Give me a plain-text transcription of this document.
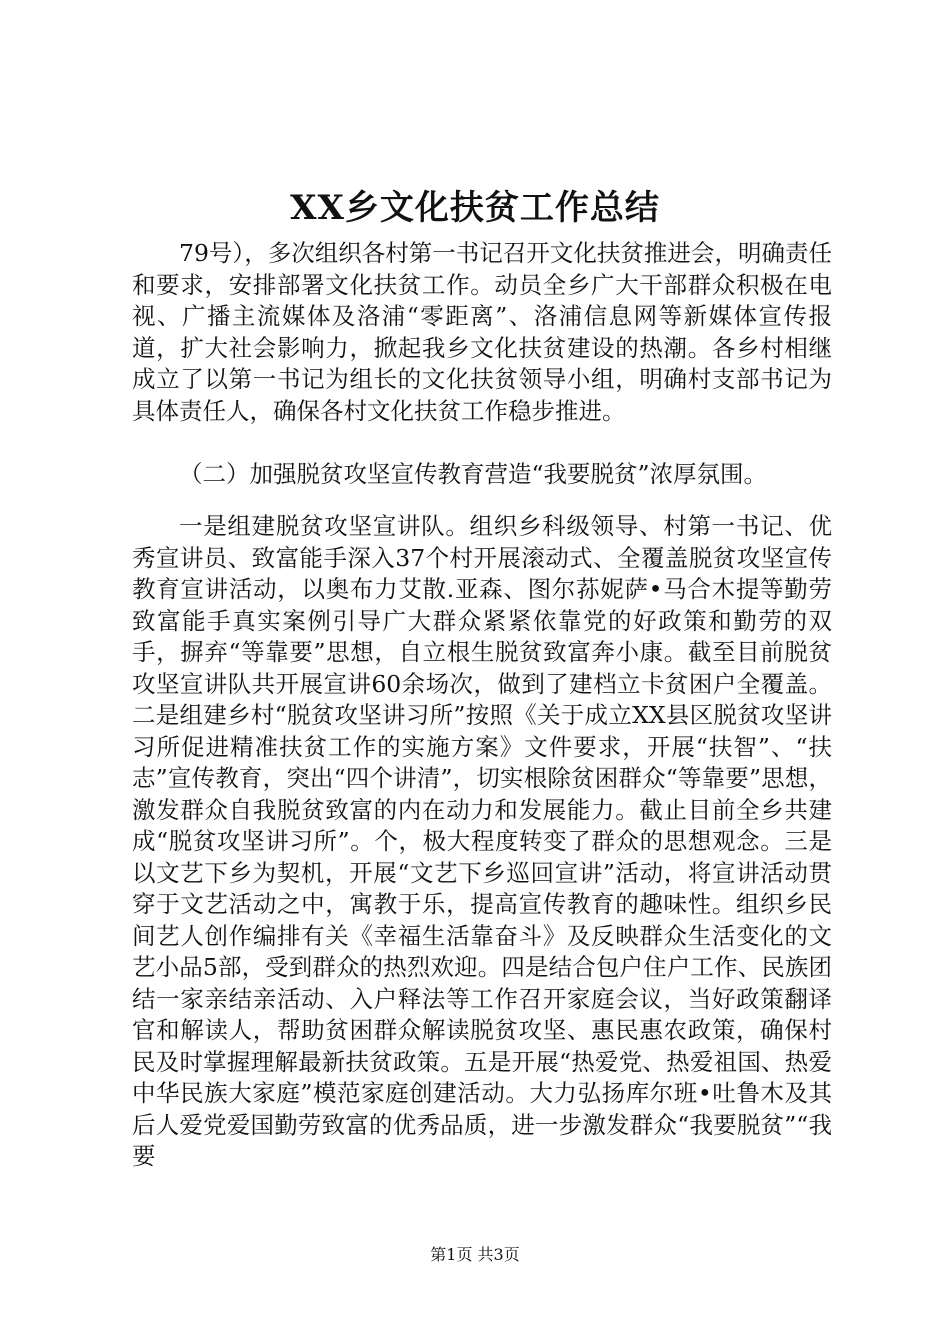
XX乡文化扶贫工作总结

79号），多次组织各村第一书记召开文化扶贫推进会，明确责任和要求，安排部署文化扶贫工作。动员全乡广大干部群众积极在电视、广播主流媒体及洛浦“零距离”、洛浦信息网等新媒体宣传报道，扩大社会影响力，掀起我乡文化扶贫建设的热潮。各乡村相继成立了以第一书记为组长的文化扶贫领导小组，明确村支部书记为具体责任人，确保各村文化扶贫工作稳步推进。

（二）加强脱贫攻坚宣传教育营造“我要脱贫”浓厚氛围。

一是组建脱贫攻坚宣讲队。组织乡科级领导、村第一书记、优秀宣讲员、致富能手深入37个村开展滚动式、全覆盖脱贫攻坚宣传教育宣讲活动，以奥布力艾散.亚森、图尔荪妮萨•马合木提等勤劳致富能手真实案例引导广大群众紧紧依靠党的好政策和勤劳的双手，摒弃“等靠要”思想，自立根生脱贫致富奔小康。截至目前脱贫攻坚宣讲队共开展宣讲60余场次，做到了建档立卡贫困户全覆盖。二是组建乡村“脱贫攻坚讲习所”按照《关于成立XX县区脱贫攻坚讲习所促进精准扶贫工作的实施方案》文件要求，开展“扶智”、“扶志”宣传教育，突出“四个讲清”，切实根除贫困群众“等靠要”思想，激发群众自我脱贫致富的内在动力和发展能力。截止目前全乡共建成“脱贫攻坚讲习所”。个，极大程度转变了群众的思想观念。三是以文艺下乡为契机，开展“文艺下乡巡回宣讲”活动，将宣讲活动贯穿于文艺活动之中，寓教于乐，提高宣传教育的趣味性。组织乡民间艺人创作编排有关《幸福生活靠奋斗》及反映群众生活变化的文艺小品5部，受到群众的热烈欢迎。四是结合包户住户工作、民族团结一家亲结亲活动、入户释法等工作召开家庭会议，当好政策翻译官和解读人，帮助贫困群众解读脱贫攻坚、惠民惠农政策，确保村民及时掌握理解最新扶贫政策。五是开展“热爱党、热爱祖国、热爱中华民族大家庭”模范家庭创建活动。大力弘扬库尔班•吐鲁木及其后人爱党爱国勤劳致富的优秀品质，进一步激发群众“我要脱贫”“我要

第1页 共3页
